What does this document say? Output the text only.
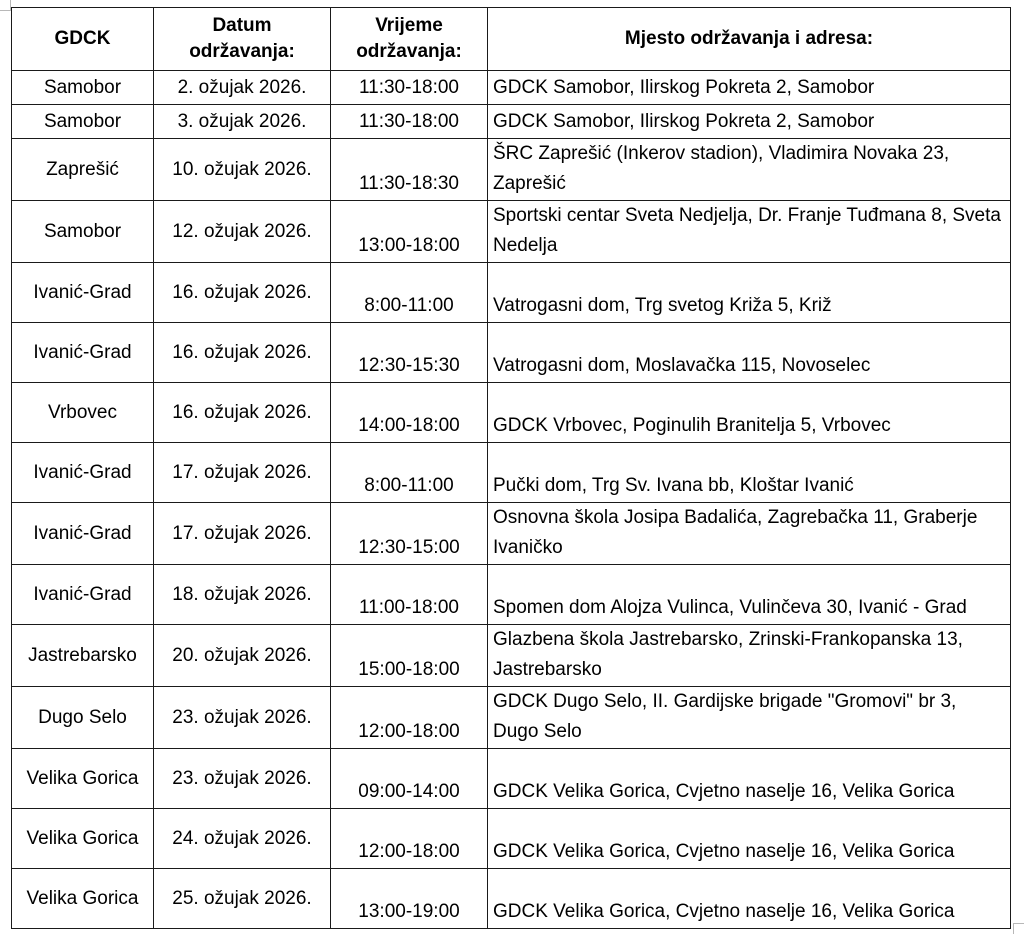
GDCK	Datum održavanja:	Vrijeme održavanja:	Mjesto održavanja i adresa:
Samobor	2. ožujak 2026.	11:30-18:00	GDCK Samobor, Ilirskog Pokreta 2, Samobor
Samobor	3. ožujak 2026.	11:30-18:00	GDCK Samobor, Ilirskog Pokreta 2, Samobor
Zaprešić	10. ožujak 2026.	11:30-18:30	ŠRC Zaprešić (Inkerov stadion), Vladimira Novaka 23, Zaprešić
Samobor	12. ožujak 2026.	13:00-18:00	Sportski centar Sveta Nedjelja, Dr. Franje Tuđmana 8, Sveta Nedelja
Ivanić-Grad	16. ožujak 2026.	8:00-11:00	Vatrogasni dom, Trg svetog Križa 5, Križ
Ivanić-Grad	16. ožujak 2026.	12:30-15:30	Vatrogasni dom, Moslavačka 115, Novoselec
Vrbovec	16. ožujak 2026.	14:00-18:00	GDCK Vrbovec, Poginulih Branitelja 5, Vrbovec
Ivanić-Grad	17. ožujak 2026.	8:00-11:00	Pučki dom, Trg Sv. Ivana bb, Kloštar Ivanić
Ivanić-Grad	17. ožujak 2026.	12:30-15:00	Osnovna škola Josipa Badalića, Zagrebačka 11, Graberje Ivaničko
Ivanić-Grad	18. ožujak 2026.	11:00-18:00	Spomen dom Alojza Vulinca, Vulinčeva 30, Ivanić - Grad
Jastrebarsko	20. ožujak 2026.	15:00-18:00	Glazbena škola Jastrebarsko, Zrinski-Frankopanska 13, Jastrebarsko
Dugo Selo	23. ožujak 2026.	12:00-18:00	GDCK Dugo Selo, II. Gardijske brigade "Gromovi" br 3, Dugo Selo
Velika Gorica	23. ožujak 2026.	09:00-14:00	GDCK Velika Gorica, Cvjetno naselje 16, Velika Gorica
Velika Gorica	24. ožujak 2026.	12:00-18:00	GDCK Velika Gorica, Cvjetno naselje 16, Velika Gorica
Velika Gorica	25. ožujak 2026.	13:00-19:00	GDCK Velika Gorica, Cvjetno naselje 16, Velika Gorica
